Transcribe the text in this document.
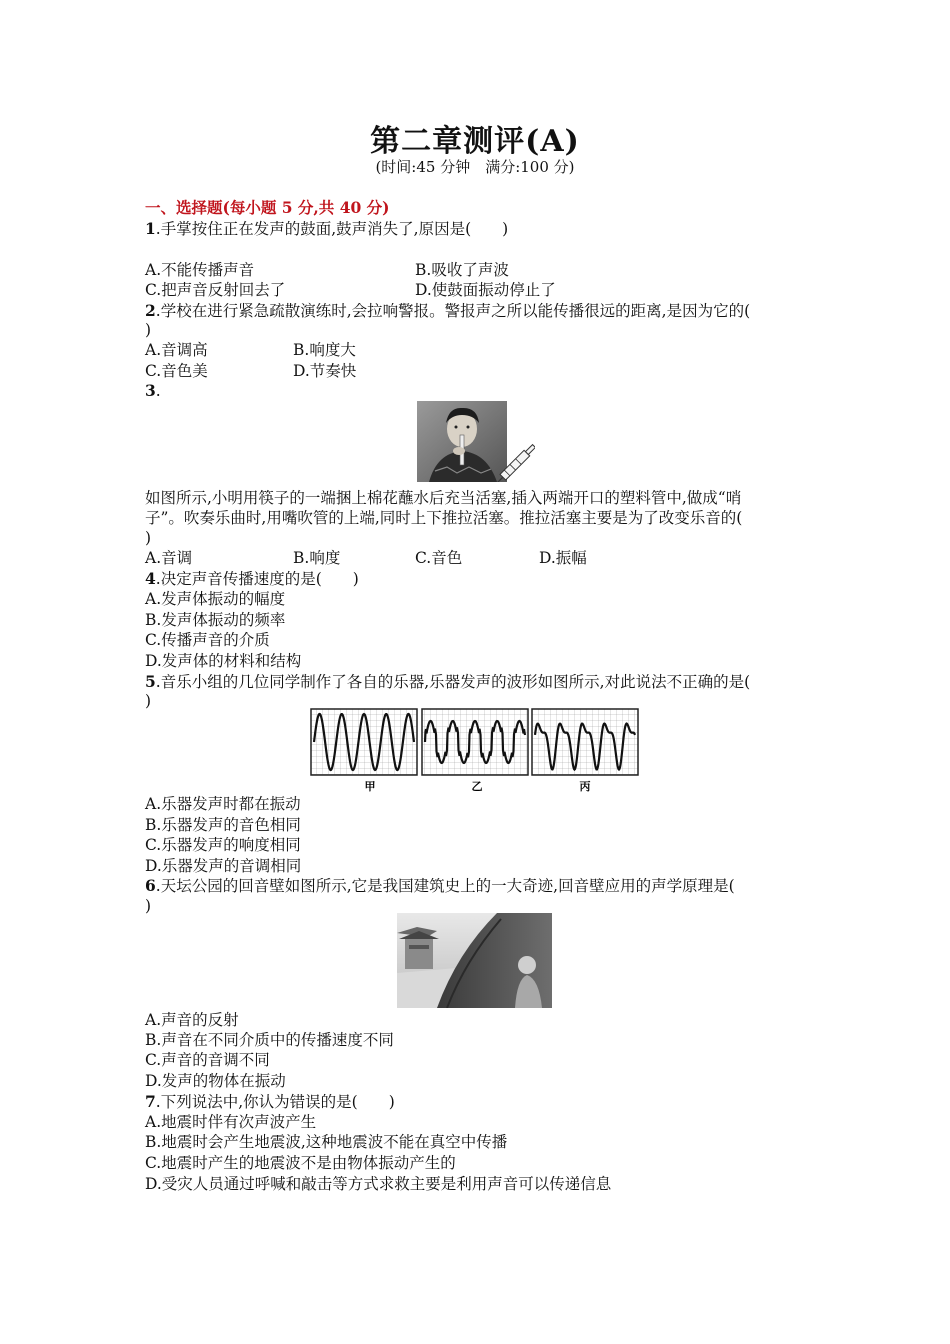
第二章测评(A)
(时间:45 分钟　满分:100 分)
一、选择题(每小题 5 分,共 40 分)
1.手掌按住正在发声的鼓面,鼓声消失了,原因是(　　)
A.不能传播声音	B.吸收了声波
C.把声音反射回去了	D.使鼓面振动停止了
2.学校在进行紧急疏散演练时,会拉响警报。警报声之所以能传播很远的距离,是因为它的(
)
A.音调高	B.响度大
C.音色美	D.节奏快
3.
如图所示,小明用筷子的一端捆上棉花蘸水后充当活塞,插入两端开口的塑料管中,做成“哨
子”。吹奏乐曲时,用嘴吹管的上端,同时上下推拉活塞。推拉活塞主要是为了改变乐音的(
)
A.音调	B.响度	C.音色	D.振幅
4.决定声音传播速度的是(　　)
A.发声体振动的幅度
B.发声体振动的频率
C.传播声音的介质
D.发声体的材料和结构
5.音乐小组的几位同学制作了各自的乐器,乐器发声的波形如图所示,对此说法不正确的是(
)
甲	乙	丙
A.乐器发声时都在振动
B.乐器发声的音色相同
C.乐器发声的响度相同
D.乐器发声的音调相同
6.天坛公园的回音壁如图所示,它是我国建筑史上的一大奇迹,回音壁应用的声学原理是(
)
A.声音的反射
B.声音在不同介质中的传播速度不同
C.声音的音调不同
D.发声的物体在振动
7.下列说法中,你认为错误的是(　　)
A.地震时伴有次声波产生
B.地震时会产生地震波,这种地震波不能在真空中传播
C.地震时产生的地震波不是由物体振动产生的
D.受灾人员通过呼喊和敲击等方式求救主要是利用声音可以传递信息
